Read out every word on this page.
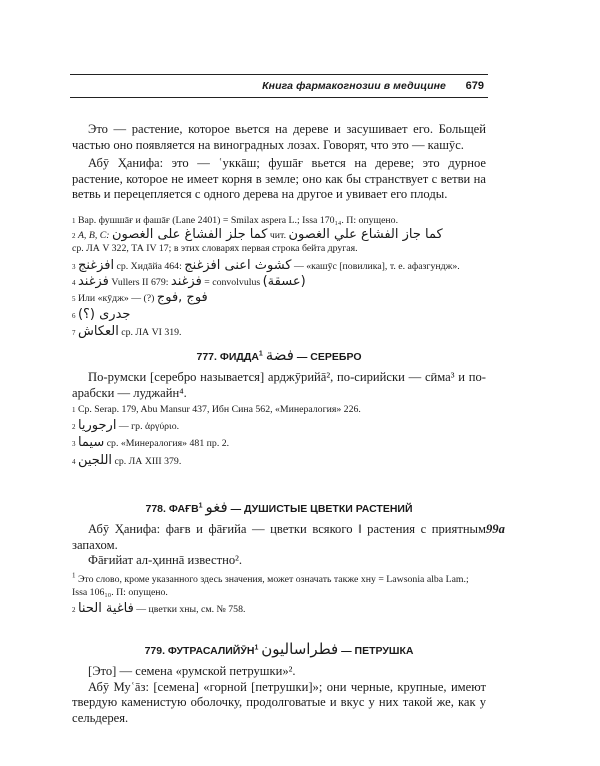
Книга фармакогнозии в медицине 679

Это — растение, которое вьется на дереве и засушивает его. Больщей частью оно появляется на виноградных лозах. Говорят, что это — кашӯс.

Абӯ Ҳанифа: это — ʿуккāш; фушāғ вьется на дереве; это дурное растение, которое не имеет корня в земле; оно как бы странствует с ветви на ветвь и перецепляется с одного дерева на другое и увивает его плоды.

1
Вар. фушшāғ и фашāғ (Lane 2401) = Smilax aspera L.; Issa 170₁₄. П: опущено.
2
A, B, C:
كما جلز الفشاغ على الغصون
чит.
كما جاز الفشاع علي الغصون
ср. ЛА V 322, ТА IV 17; в этих словарях первая строка бейта другая.
3
افزغنج
ср. Хидāйа 464:
كشوث اعنى افزغنج
— «кашӯс [повилика], т. е. афазгундж».
4
فزغند
Vullers II 679:
فزغند
= convolvulus
(عسقة)
5
Или «кӯдж» — (?)
فوج ,فوج
6
جدرى (؟)
7
العكاش
ср. ЛА VI 319.
777. ФИДДА$^1$ فضة — СЕРЕБРО

По-румски [серебро называется] арджӯрийā², по-сирийски — сӣма³ и по-арабски — луджайн⁴.

1
Ср. Serap. 179, Abu Mansur 437, Ибн Сина 562, «Минералогия» 226.
2
ارجوريا
— гр. ἀργύριο.
3
سيما
ср. «Минералогия» 481 пр. 2.
4
اللجين
ср. ЛА XIII 379.
778. ФАҒВ$^1$ فغو — ДУШИСТЫЕ ЦВЕТКИ РАСТЕНИЙ

Абӯ Ҳанифа: фағв и фāғийа — цветки всякого ‖ растения с приятным запахом.

Фāғийат ал-ҳиннā известно².

99a
$^1$ Это слово, кроме указанного здесь значения, может означать также хну = Lawsonia alba Lam.; Issa 106₁₀. П: опущено.
2
فاغية الحنا
— цветки хны, см. № 758.
779. ФУТРАСАЛИЙӮН$^1$ فطراساليون — ПЕТРУШКА

[Это] — семена «румской петрушки»².

Абӯ Муʿāз: [семена] «горной [петрушки]»; они черные, крупные, имеют твердую каменистую оболочку, продолговатые и вкус у них такой же, как у сельдерея.
